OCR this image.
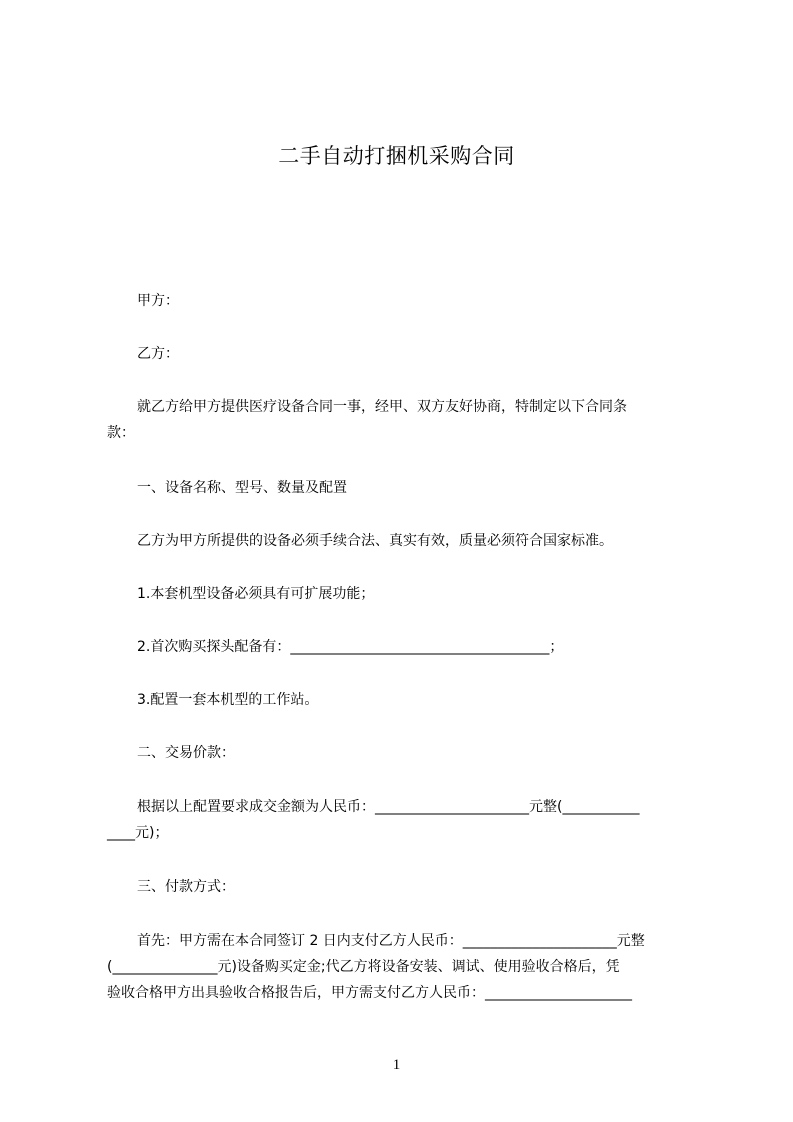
二手自动打捆机采购合同
甲方：
乙方：
就乙方给甲方提供医疗设备合同一事，经甲、双方友好协商，特制定以下合同条
款：
一、设备名称、型号、数量及配置
乙方为甲方所提供的设备必须手续合法、真实有效，质量必须符合国家标准。
1.本套机型设备必须具有可扩展功能；
2.首次购买探头配备有：_____________________________________；
3.配置一套本机型的工作站。
二、交易价款：
根据以上配置要求成交金额为人民币：______________________元整(___________
____元)；
三、付款方式：
首先：甲方需在本合同签订 2 日内支付乙方人民币：______________________元整
(_______________元)设备购买定金;代乙方将设备安装、调试、使用验收合格后，凭
验收合格甲方出具验收合格报告后，甲方需支付乙方人民币：_____________________
1
